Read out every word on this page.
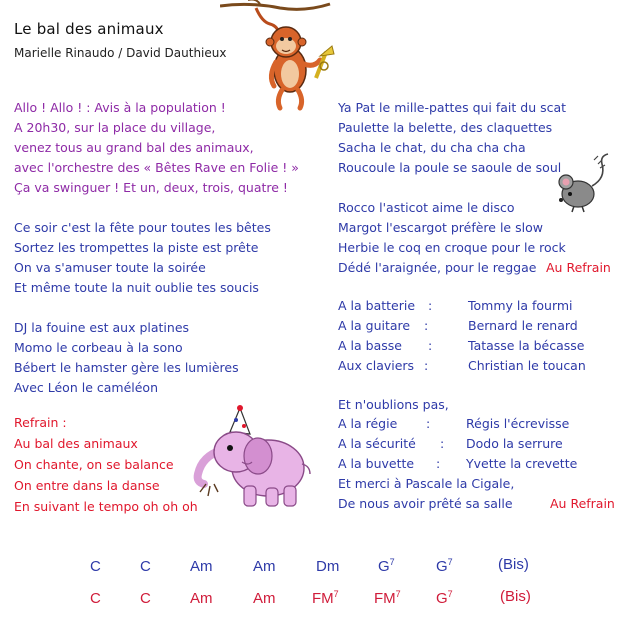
Le bal des animaux
Marielle Rinaudo / David Dauthieux
Allo ! Allo ! : Avis à la population !
A 20h30, sur la place du village,
venez tous au grand bal des animaux,
avec l'orchestre des « Bêtes Rave en Folie ! »
Ça va swinguer ! Et un, deux, trois, quatre !
Ce soir c'est la fête pour toutes les bêtes
Sortez les trompettes la piste est prête
On va s'amuser toute la soirée
Et même toute la nuit oublie tes soucis
DJ la fouine est aux platines
Momo le corbeau à la sono
Bébert le hamster gère les lumières
Avec Léon le caméléon
Refrain :
Au bal des animaux
On chante, on se balance
On entre dans la danse
En suivant le tempo oh oh oh
Ya Pat le mille-pattes qui fait du scat
Paulette la belette, des claquettes
Sacha le chat, du cha cha cha
Roucoule la poule se saoule de soul
Rocco l'asticot aime le disco
Margot l'escargot préfère le slow
Herbie le coq en croque pour le rock
Dédé l'araignée, pour le reggae Au Refrain
A la batterie :	Tommy la fourmi
A la guitare :	Bernard le renard
A la basse :	Tatasse la bécasse
Aux claviers :	Christian le toucan
Et n'oublions pas,
A la régie :	Régis l'écrevisse
A la sécurité : Dodo la serrure
A la buvette : Yvette la crevette
Et merci à Pascale la Cigale,
De nous avoir prêté sa salle	Au Refrain
C	C	Am	Am	Dm	$G^7$	$G^7$	(Bis)
C	C	Am	Am $FM^7$ $FM^7$ $G^7$	(Bis)
